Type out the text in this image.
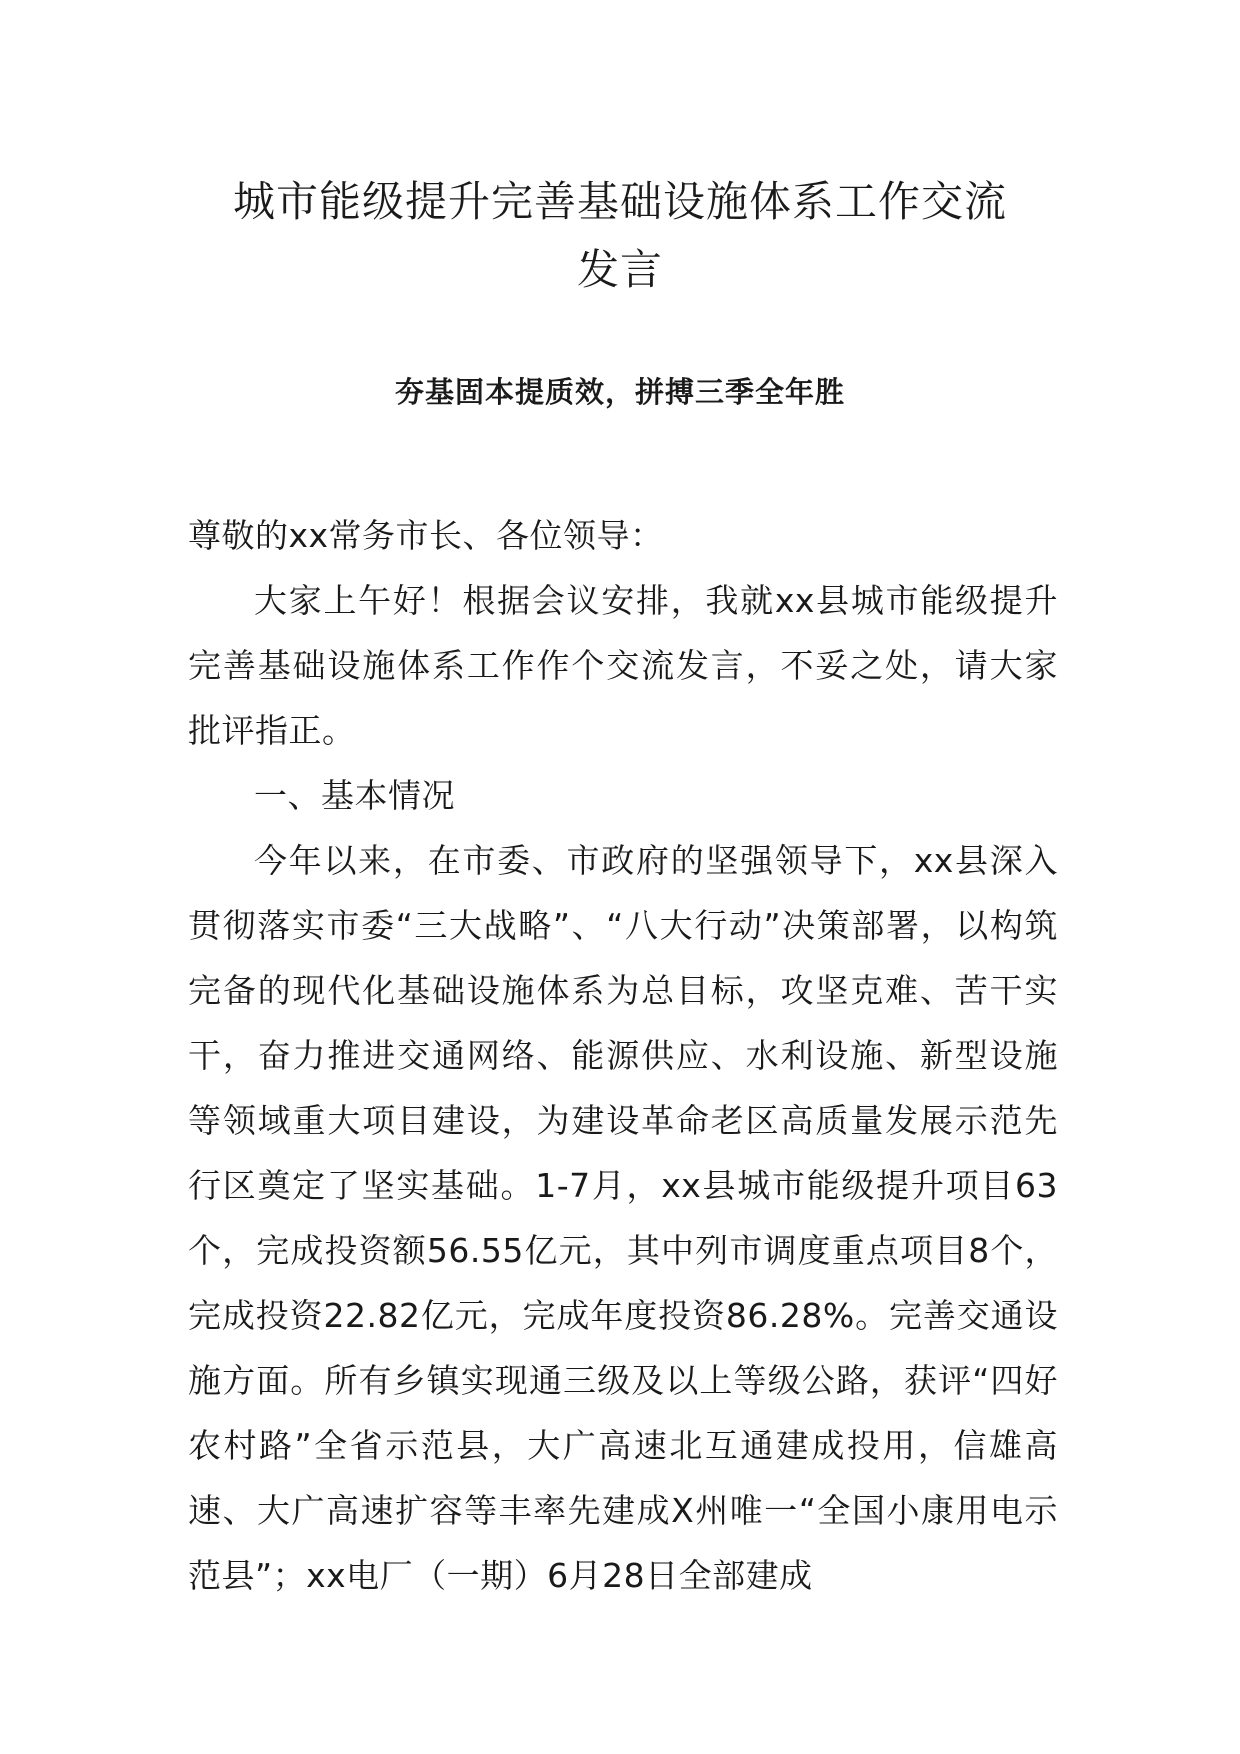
城市能级提升完善基础设施体系工作交流
发言
夯基固本提质效，拼搏三季全年胜

尊敬的xx常务市长、各位领导：

大家上午好！根据会议安排，我就xx县城市能级提升完善基础设施体系工作作个交流发言，不妥之处，请大家批评指正。

一、基本情况

今年以来，在市委、市政府的坚强领导下，xx县深入贯彻落实市委“三大战略”、“八大行动”决策部署，以构筑完备的现代化基础设施体系为总目标，攻坚克难、苦干实干，奋力推进交通网络、能源供应、水利设施、新型设施等领域重大项目建设，为建设革命老区高质量发展示范先行区奠定了坚实基础。1-7月，xx县城市能级提升项目63个，完成投资额56.55亿元，其中列市调度重点项目8个，完成投资22.82亿元，完成年度投资86.28%。完善交通设施方面。所有乡镇实现通三级及以上等级公路，获评“四好农村路”全省示范县，大广高速北互通建成投用，信雄高速、大广高速扩容等丰率先建成X州唯一“全国小康用电示范县”；xx电厂（一期）6月28日全部建成
